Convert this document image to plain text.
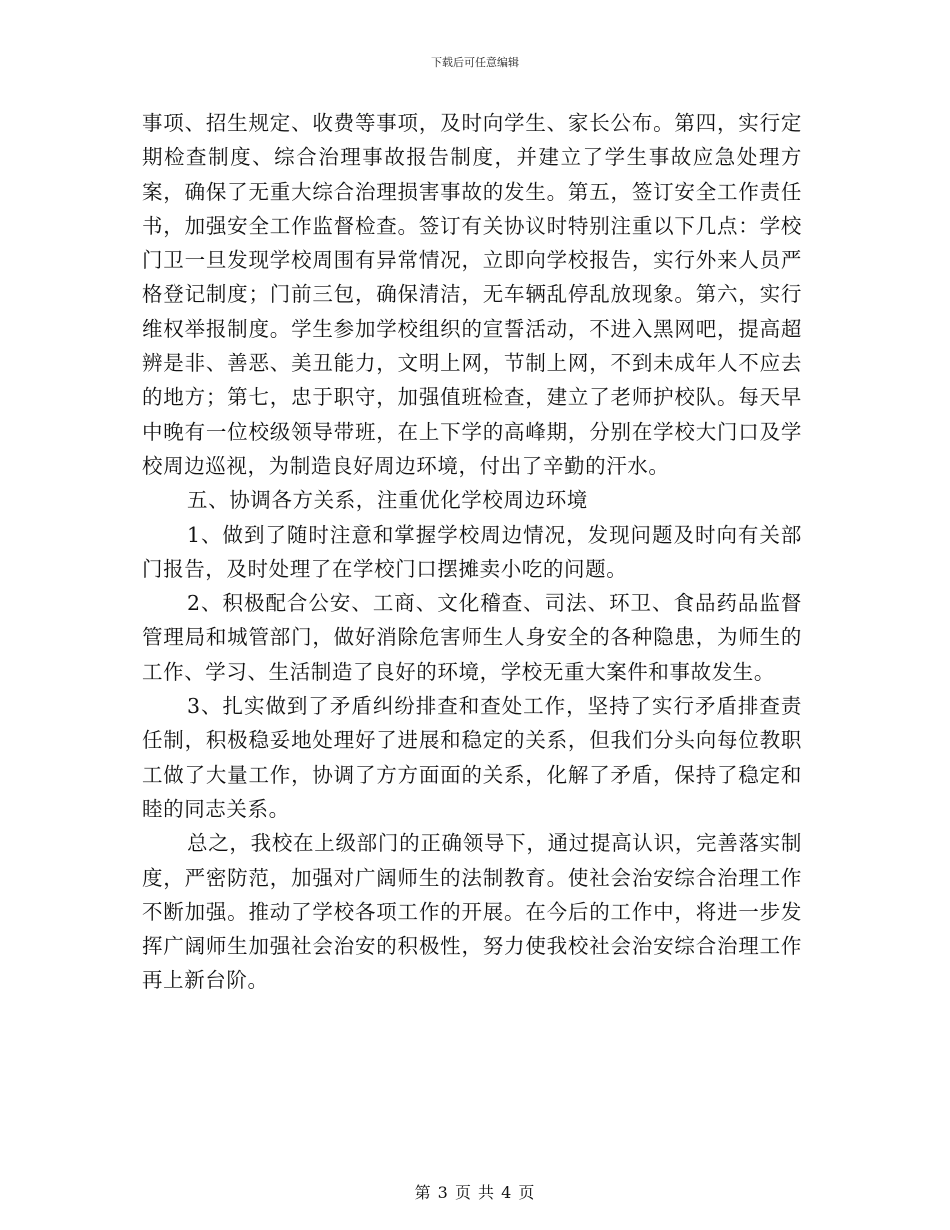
下载后可任意编辑

事项、招生规定、收费等事项，及时向学生、家长公布。第四，实行定期检查制度、综合治理事故报告制度，并建立了学生事故应急处理方案，确保了无重大综合治理损害事故的发生。第五，签订安全工作责任书，加强安全工作监督检查。签订有关协议时特别注重以下几点：学校门卫一旦发现学校周围有异常情况，立即向学校报告，实行外来人员严格登记制度；门前三包，确保清洁，无车辆乱停乱放现象。第六，实行维权举报制度。学生参加学校组织的宣誓活动，不进入黑网吧，提高超辨是非、善恶、美丑能力，文明上网，节制上网，不到未成年人不应去的地方；第七，忠于职守，加强值班检查，建立了老师护校队。每天早中晚有一位校级领导带班，在上下学的高峰期，分别在学校大门口及学校周边巡视，为制造良好周边环境，付出了辛勤的汗水。

五、协调各方关系，注重优化学校周边环境

1、做到了随时注意和掌握学校周边情况，发现问题及时向有关部门报告，及时处理了在学校门口摆摊卖小吃的问题。

2、积极配合公安、工商、文化稽查、司法、环卫、食品药品监督管理局和城管部门，做好消除危害师生人身安全的各种隐患，为师生的工作、学习、生活制造了良好的环境，学校无重大案件和事故发生。

3、扎实做到了矛盾纠纷排查和查处工作，坚持了实行矛盾排查责任制，积极稳妥地处理好了进展和稳定的关系，但我们分头向每位教职工做了大量工作，协调了方方面面的关系，化解了矛盾，保持了稳定和睦的同志关系。

总之，我校在上级部门的正确领导下，通过提高认识，完善落实制度，严密防范，加强对广阔师生的法制教育。使社会治安综合治理工作不断加强。推动了学校各项工作的开展。在今后的工作中，将进一步发挥广阔师生加强社会治安的积极性，努力使我校社会治安综合治理工作再上新台阶。

第 3 页 共 4 页
